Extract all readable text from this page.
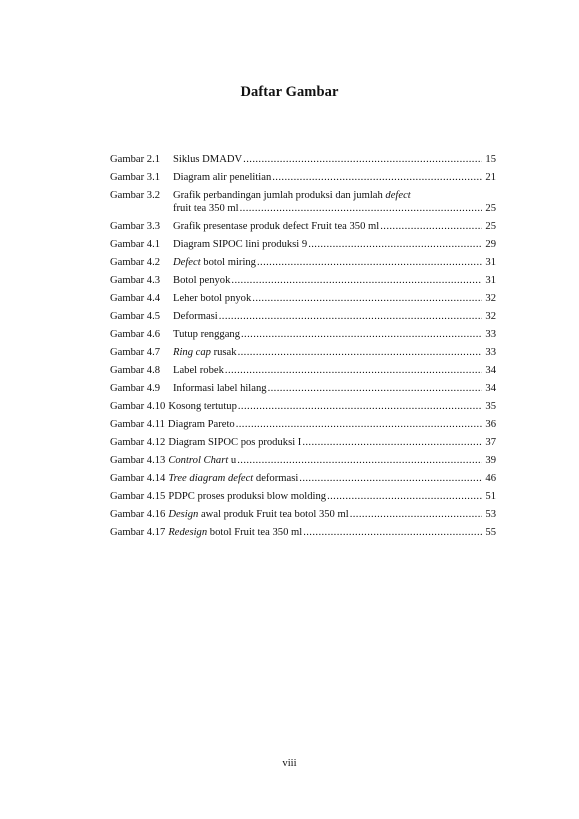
Daftar Gambar
Gambar 2.1	Siklus DMADV .....	15
Gambar 3.1	Diagram alir penelitian .....	21
Gambar 3.2	Grafik perbandingan jumlah produksi dan jumlah defect
fruit tea 350 ml .....	25
Gambar 3.3	Grafik presentase produk defect Fruit tea 350 ml .....	25
Gambar 4.1	Diagram SIPOC lini produksi 9 .....	29
Gambar 4.2	Defect botol miring .....	31
Gambar 4.3	Botol penyok .....	31
Gambar 4.4	Leher botol pnyok .....	32
Gambar 4.5	Deformasi .....	32
Gambar 4.6	Tutup renggang .....	33
Gambar 4.7	Ring cap rusak .....	33
Gambar 4.8	Label robek .....	34
Gambar 4.9	Informasi label hilang .....	34
Gambar 4.10 Kosong tertutup .....	35
Gambar 4.11 Diagram Pareto .....	36
Gambar 4.12 Diagram SIPOC pos produksi I .....	37
Gambar 4.13 Control Chart u .....	39
Gambar 4.14 Tree diagram defect deformasi .....	46
Gambar 4.15 PDPC proses produksi blow molding .....	51
Gambar 4.16 Design awal produk Fruit tea botol 350 ml .....	53
Gambar 4.17 Redesign botol Fruit tea 350 ml .....	55
viii
